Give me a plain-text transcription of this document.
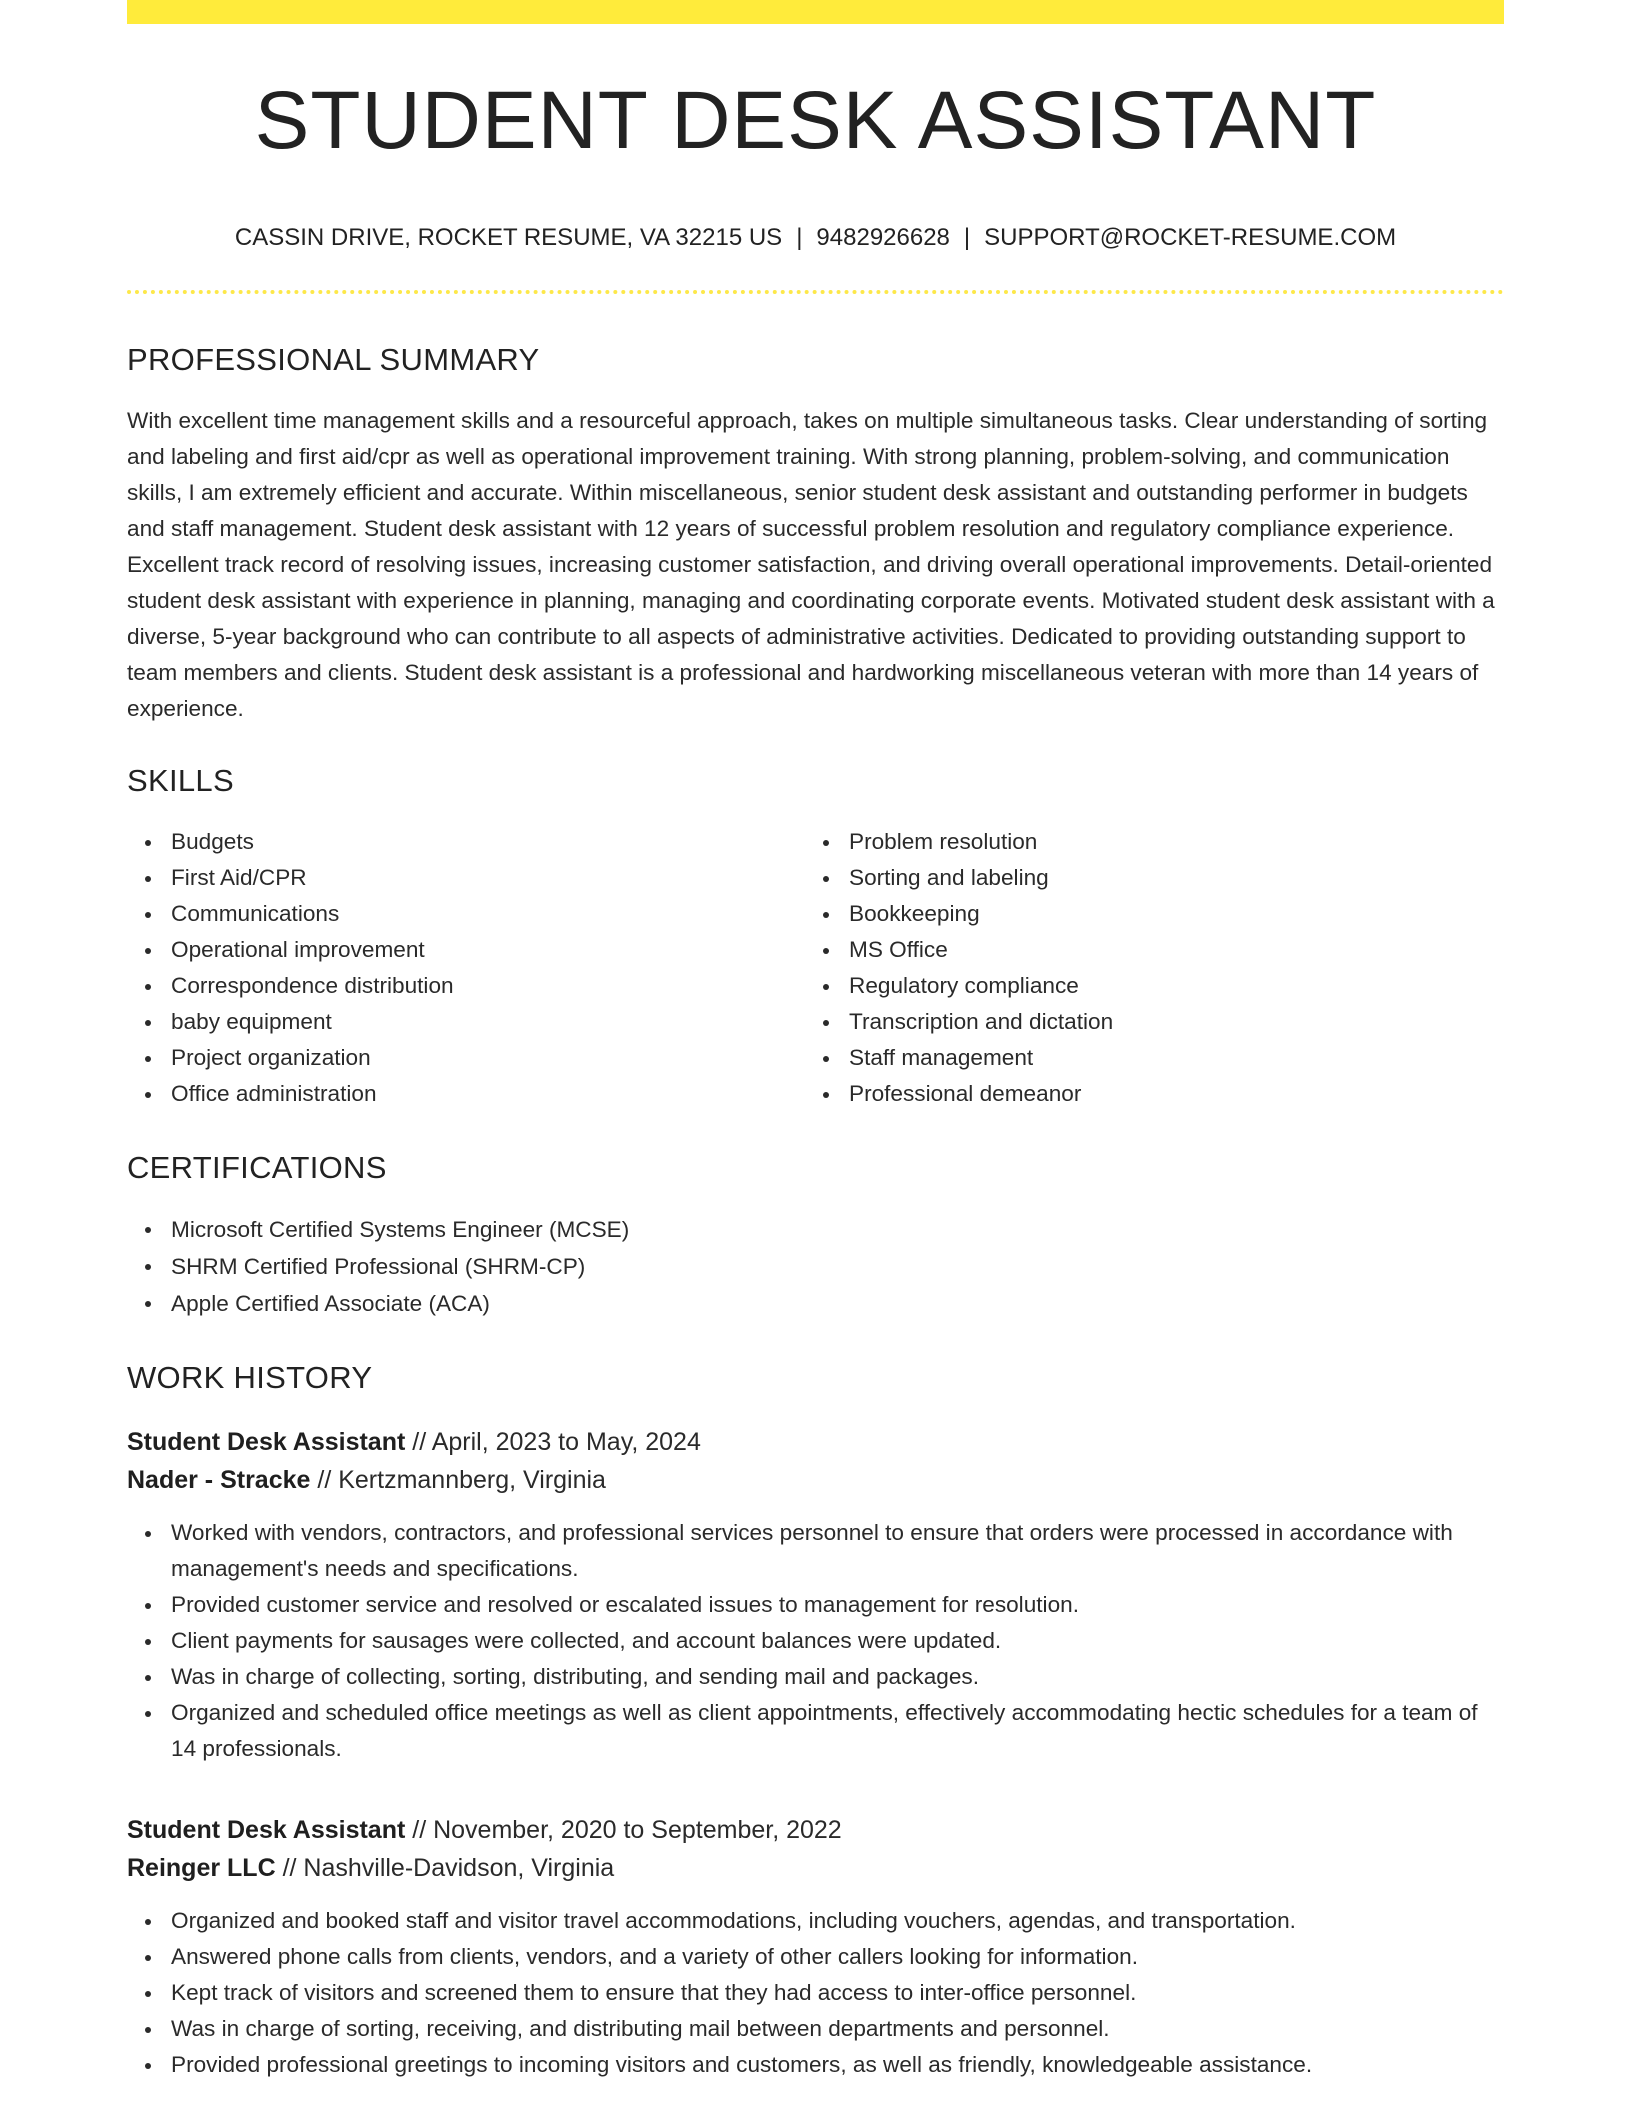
STUDENT DESK ASSISTANT
CASSIN DRIVE, ROCKET RESUME, VA 32215 US | 9482926628 | SUPPORT@ROCKET-RESUME.COM
PROFESSIONAL SUMMARY
With excellent time management skills and a resourceful approach, takes on multiple simultaneous tasks. Clear understanding of sorting and labeling and first aid/cpr as well as operational improvement training. With strong planning, problem-solving, and communication skills, I am extremely efficient and accurate. Within miscellaneous, senior student desk assistant and outstanding performer in budgets and staff management. Student desk assistant with 12 years of successful problem resolution and regulatory compliance experience. Excellent track record of resolving issues, increasing customer satisfaction, and driving overall operational improvements. Detail-oriented student desk assistant with experience in planning, managing and coordinating corporate events. Motivated student desk assistant with a diverse, 5-year background who can contribute to all aspects of administrative activities. Dedicated to providing outstanding support to team members and clients. Student desk assistant is a professional and hardworking miscellaneous veteran with more than 14 years of experience.
SKILLS
Budgets
First Aid/CPR
Communications
Operational improvement
Correspondence distribution
baby equipment
Project organization
Office administration
Problem resolution
Sorting and labeling
Bookkeeping
MS Office
Regulatory compliance
Transcription and dictation
Staff management
Professional demeanor
CERTIFICATIONS
Microsoft Certified Systems Engineer (MCSE)
SHRM Certified Professional (SHRM-CP)
Apple Certified Associate (ACA)
WORK HISTORY
Student Desk Assistant // April, 2023 to May, 2024
Nader - Stracke // Kertzmannberg, Virginia
Worked with vendors, contractors, and professional services personnel to ensure that orders were processed in accordance with management's needs and specifications.
Provided customer service and resolved or escalated issues to management for resolution.
Client payments for sausages were collected, and account balances were updated.
Was in charge of collecting, sorting, distributing, and sending mail and packages.
Organized and scheduled office meetings as well as client appointments, effectively accommodating hectic schedules for a team of 14 professionals.
Student Desk Assistant // November, 2020 to September, 2022
Reinger LLC // Nashville-Davidson, Virginia
Organized and booked staff and visitor travel accommodations, including vouchers, agendas, and transportation.
Answered phone calls from clients, vendors, and a variety of other callers looking for information.
Kept track of visitors and screened them to ensure that they had access to inter-office personnel.
Was in charge of sorting, receiving, and distributing mail between departments and personnel.
Provided professional greetings to incoming visitors and customers, as well as friendly, knowledgeable assistance.
